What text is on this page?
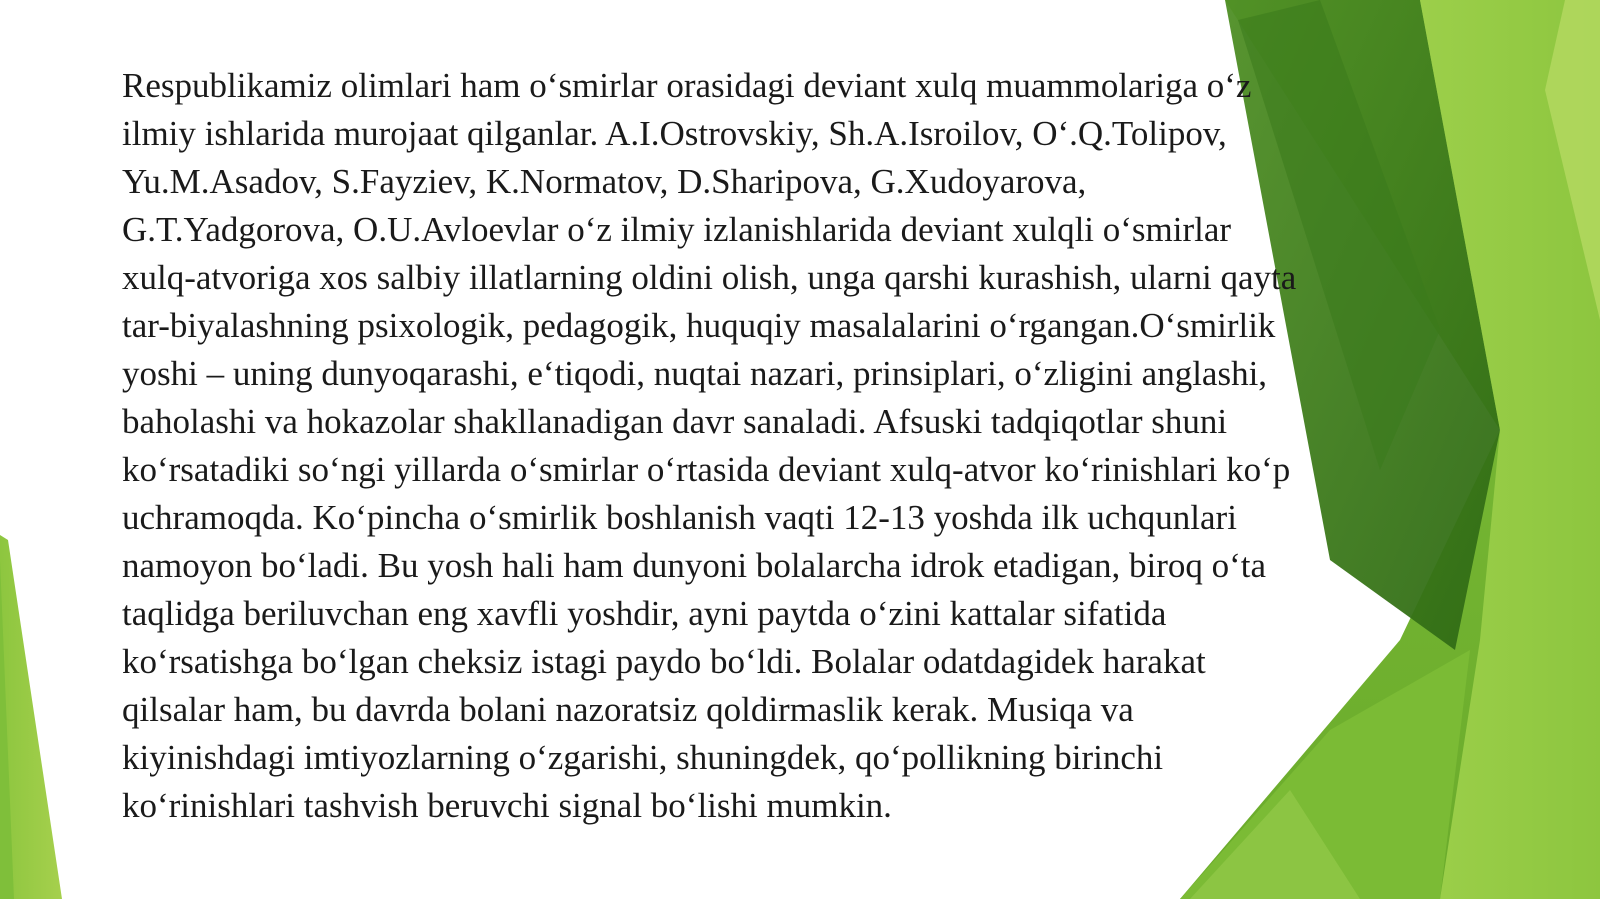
Respublikamiz olimlari ham o‘smirlar orasidagi deviant xulq muammolariga o‘z
ilmiy ishlarida murojaat qilganlar. A.I.Ostrovskiy, Sh.A.Isroilov, O‘.Q.Tolipov,
Yu.M.Asadov, S.Fayziev, K.Normatov, D.Sharipova, G.Xudoyarova,
G.T.Yadgorova, O.U.Avloevlar o‘z ilmiy izlanishlarida deviant xulqli o‘smirlar
xulq-atvoriga xos salbiy illatlarning oldini olish, unga qarshi kurashish, ularni qayta
tar-biyalashning psixologik, pedagogik, huquqiy masalalarini o‘rgangan.O‘smirlik
yoshi – uning dunyoqarashi, e‘tiqodi, nuqtai nazari, prinsiplari, o‘zligini anglashi,
baholashi va hokazolar shakllanadigan davr sanaladi. Afsuski tadqiqotlar shuni
ko‘rsatadiki so‘ngi yillarda o‘smirlar o‘rtasida deviant xulq-atvor ko‘rinishlari ko‘p
uchramoqda. Ko‘pincha o‘smirlik boshlanish vaqti 12-13 yoshda ilk uchqunlari
namoyon bo‘ladi. Bu yosh hali ham dunyoni bolalarcha idrok etadigan, biroq o‘ta
taqlidga beriluvchan eng xavfli yoshdir, ayni paytda o‘zini kattalar sifatida
ko‘rsatishga bo‘lgan cheksiz istagi paydo bo‘ldi. Bolalar odatdagidek harakat
qilsalar ham, bu davrda bolani nazoratsiz qoldirmaslik kerak. Musiqa va
kiyinishdagi imtiyozlarning o‘zgarishi, shuningdek, qo‘pollikning birinchi
ko‘rinishlari tashvish beruvchi signal bo‘lishi mumkin.
